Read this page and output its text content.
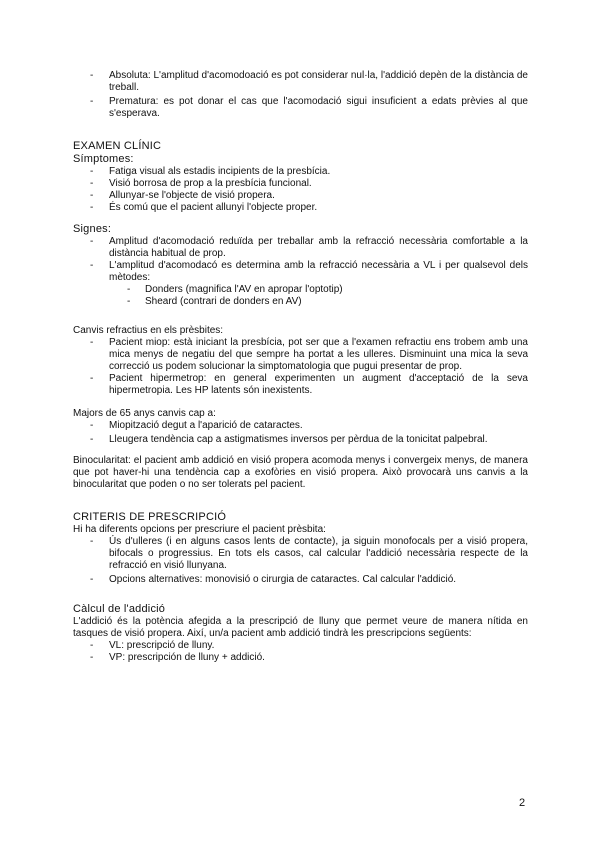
- Absoluta: L'amplitud d'acomodoació es pot considerar nul·la, l'addició depèn de la distància de treball.
- Prematura: es pot donar el cas que l'acomodació sigui insuficient a edats prèvies al que s'esperava.
EXAMEN CLÍNIC
Símptomes:
- Fatiga visual als estadis incipients de la presbícia.
- Visió borrosa de prop a la presbícia funcional.
- Allunyar-se l'objecte de visió propera.
- És comú que el pacient allunyi l'objecte proper.
Signes:
- Amplitud d'acomodació reduïda per treballar amb la refracció necessària comfortable a la distància habitual de prop.
- L'amplitud d'acomodacó es determina amb la refracció necessària a VL i per qualsevol dels mètodes:
- Donders (magnifica l'AV en apropar l'optotip)
- Sheard (contrari de donders en AV)
Canvis refractius en els prèsbites:
- Pacient miop: està iniciant la presbícia, pot ser que a l'examen refractiu ens trobem amb una mica menys de negatiu del que sempre ha portat a les ulleres. Disminuint una mica la seva correcció us podem solucionar la simptomatologia que pugui presentar de prop.
- Pacient hipermetrop: en general experimenten un augment d'acceptació de la seva hipermetropia. Les HP latents són inexistents.
Majors de 65 anys canvis cap a:
- Miopització degut a l'aparició de cataractes.
- Lleugera tendència cap a astigmatismes inversos per pèrdua de la tonicitat palpebral.
Binocularitat: el pacient amb addició en visió propera acomoda menys i convergeix menys, de manera que pot haver-hi una tendència cap a exofòries en visió propera. Això provocarà uns canvis a la binocularitat que poden o no ser tolerats pel pacient.
CRITERIS DE PRESCRIPCIÓ
Hi ha diferents opcions per prescriure el pacient prèsbita:
- Ús d'ulleres (i en alguns casos lents de contacte), ja siguin monofocals per a visió propera, bifocals o progressius. En tots els casos, cal calcular l'addició necessària respecte de la refracció en visió llunyana.
- Opcions alternatives: monovisió o cirurgia de cataractes. Cal calcular l'addició.
Càlcul de l'addició
L'addició és la potència afegida a la prescripció de lluny que permet veure de manera nítida en tasques de visió propera. Així, un/a pacient amb addició tindrà les prescripcions següents:
- VL: prescripció de lluny.
- VP: prescripción de lluny + addició.
2
